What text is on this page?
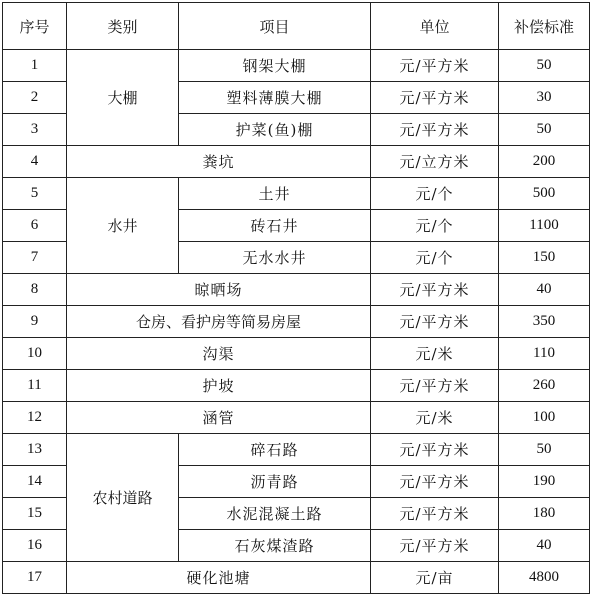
序号	类别	项目	单位	补偿标准
1	大棚	钢架大棚	元/平方米	50
2		塑料薄膜大棚	元/平方米	30
3		护菜(鱼)棚	元/平方米	50
4	粪坑		元/立方米	200
5	水井	土井	元/个	500
6		砖石井	元/个	1100
7		无水水井	元/个	150
8	晾晒场		元/平方米	40
9	仓房、看护房等简易房屋		元/平方米	350
10	沟渠		元/米	110
11	护坡		元/平方米	260
12	涵管		元/米	100
13	农村道路	碎石路	元/平方米	50
14		沥青路	元/平方米	190
15		水泥混凝土路	元/平方米	180
16		石灰煤渣路	元/平方米	40
17	硬化池塘		元/亩	4800
